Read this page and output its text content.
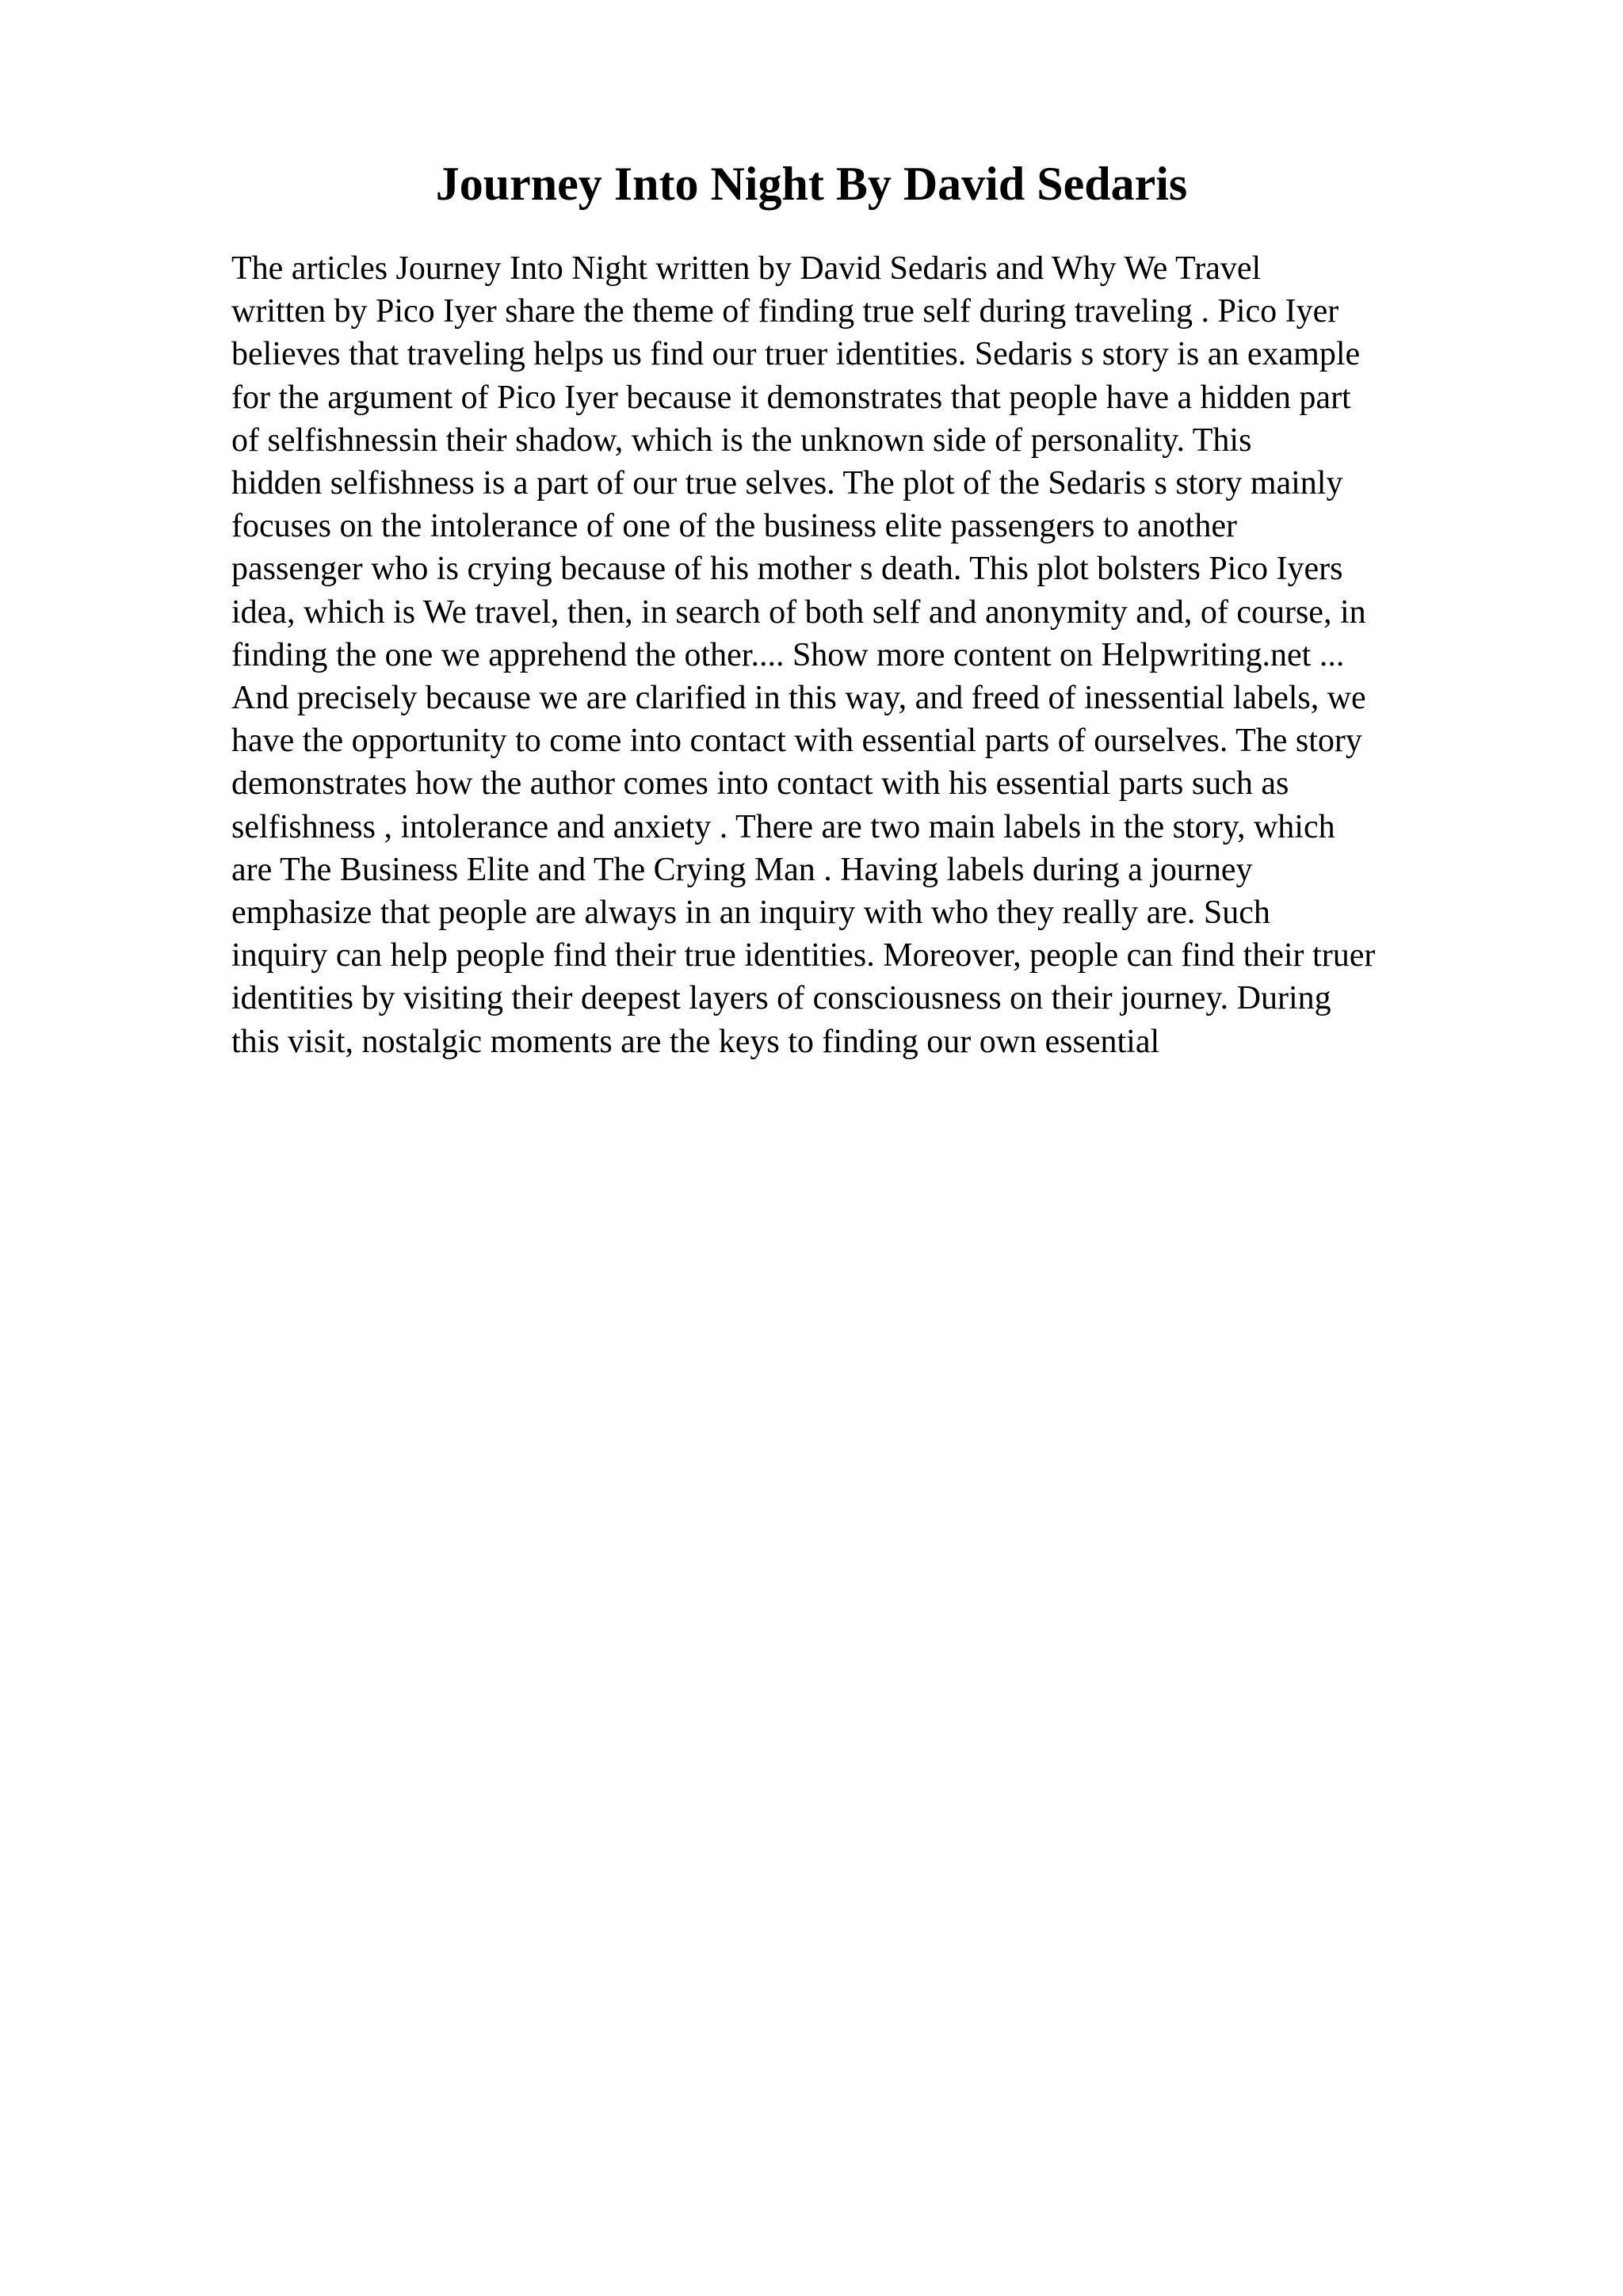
Journey Into Night By David Sedaris
The articles Journey Into Night written by David Sedaris and Why We Travel
written by Pico Iyer share the theme of finding true self during traveling . Pico Iyer
believes that traveling helps us find our truer identities. Sedaris s story is an example
for the argument of Pico Iyer because it demonstrates that people have a hidden part
of selfishnessin their shadow, which is the unknown side of personality. This
hidden selfishness is a part of our true selves. The plot of the Sedaris s story mainly
focuses on the intolerance of one of the business elite passengers to another
passenger who is crying because of his mother s death. This plot bolsters Pico Iyers
idea, which is We travel, then, in search of both self and anonymity and, of course, in
finding the one we apprehend the other.... Show more content on Helpwriting.net ...
And precisely because we are clarified in this way, and freed of inessential labels, we
have the opportunity to come into contact with essential parts of ourselves. The story
demonstrates how the author comes into contact with his essential parts such as
selfishness , intolerance and anxiety . There are two main labels in the story, which
are The Business Elite and The Crying Man . Having labels during a journey
emphasize that people are always in an inquiry with who they really are. Such
inquiry can help people find their true identities. Moreover, people can find their truer
identities by visiting their deepest layers of consciousness on their journey. During
this visit, nostalgic moments are the keys to finding our own essential
